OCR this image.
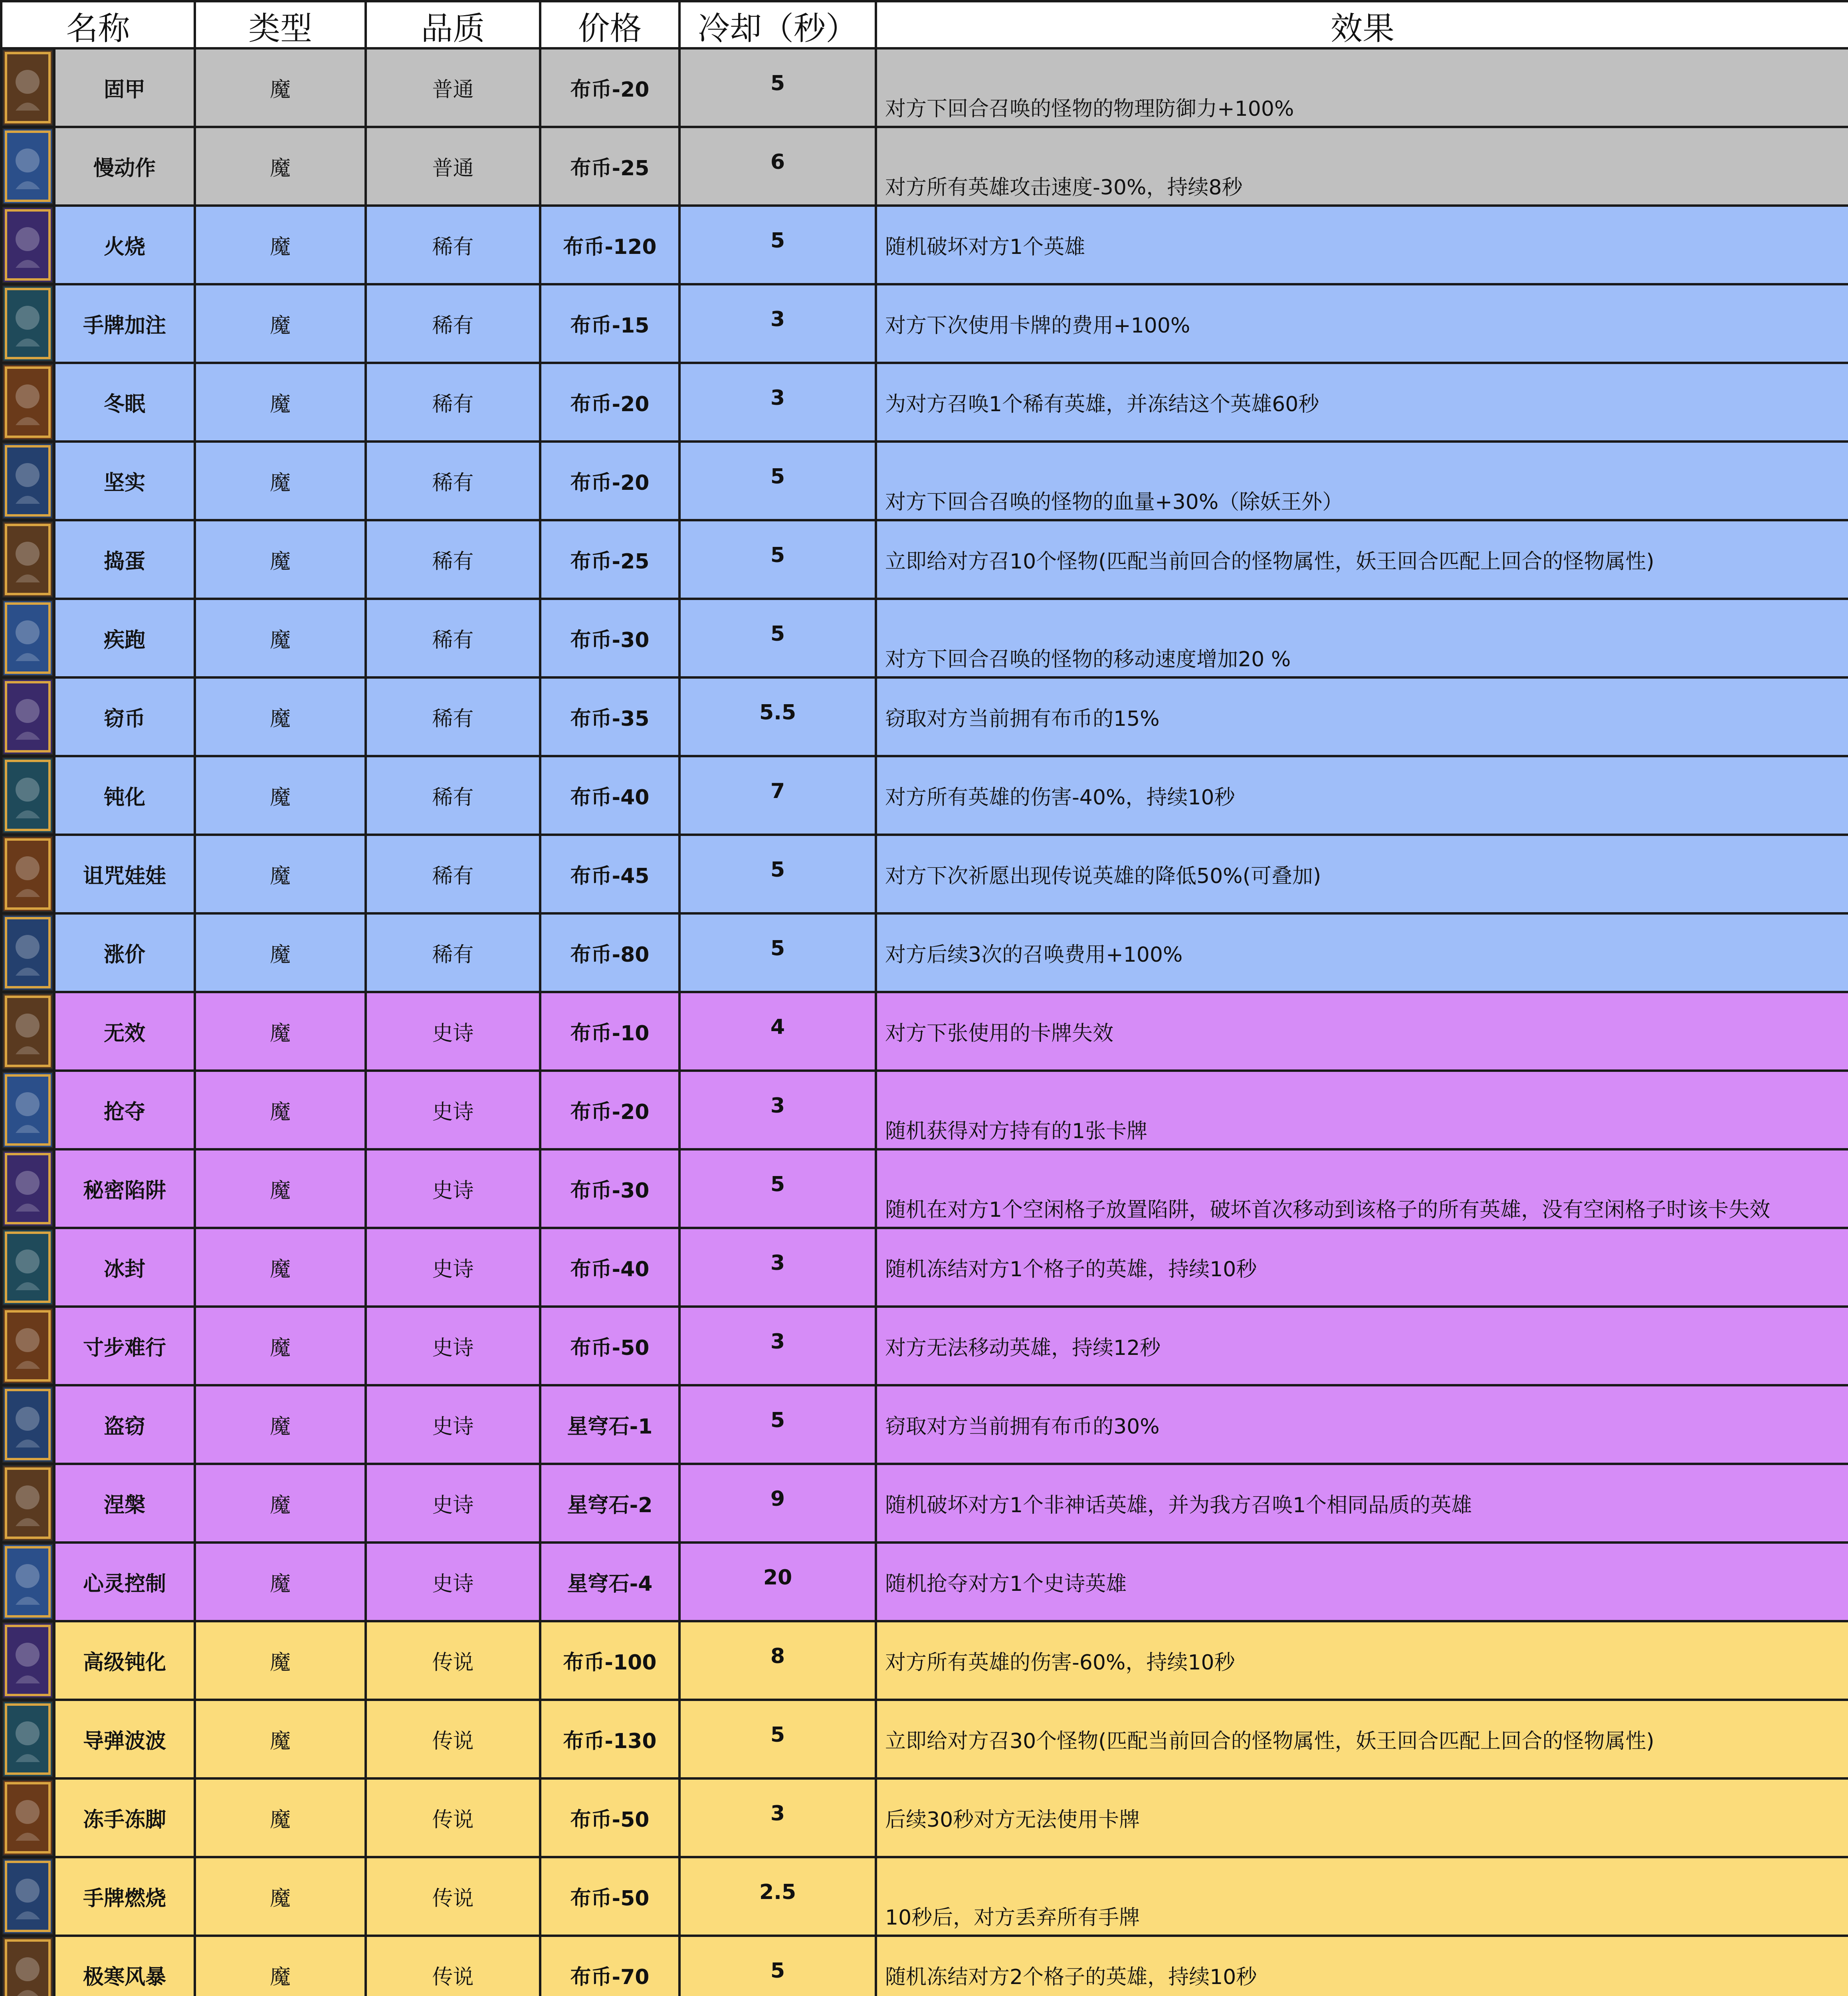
名称		类型	品质	价格	冷却（秒）	效果

	固甲	魔	普通	布币-20	5	对方下回合召唤的怪物的物理防御力+100%

	慢动作	魔	普通	布币-25	6	对方所有英雄攻击速度-30%，持续8秒

	火烧	魔	稀有	布币-120	5	随机破坏对方1个英雄

	手牌加注	魔	稀有	布币-15	3	对方下次使用卡牌的费用+100%

	冬眠	魔	稀有	布币-20	3	为对方召唤1个稀有英雄，并冻结这个英雄60秒

	坚实	魔	稀有	布币-20	5	对方下回合召唤的怪物的血量+30%（除妖王外）

	捣蛋	魔	稀有	布币-25	5	立即给对方召10个怪物(匹配当前回合的怪物属性，妖王回合匹配上回合的怪物属性)

	疾跑	魔	稀有	布币-30	5	对方下回合召唤的怪物的移动速度增加20 %

	窃币	魔	稀有	布币-35	5.5	窃取对方当前拥有布币的15%

	钝化	魔	稀有	布币-40	7	对方所有英雄的伤害-40%，持续10秒

	诅咒娃娃	魔	稀有	布币-45	5	对方下次祈愿出现传说英雄的降低50%(可叠加)

	涨价	魔	稀有	布币-80	5	对方后续3次的召唤费用+100%

	无效	魔	史诗	布币-10	4	对方下张使用的卡牌失效

	抢夺	魔	史诗	布币-20	3	随机获得对方持有的1张卡牌

	秘密陷阱	魔	史诗	布币-30	5	随机在对方1个空闲格子放置陷阱，破坏首次移动到该格子的所有英雄，没有空闲格子时该卡失效

	冰封	魔	史诗	布币-40	3	随机冻结对方1个格子的英雄，持续10秒

	寸步难行	魔	史诗	布币-50	3	对方无法移动英雄，持续12秒

	盗窃	魔	史诗	星穹石-1	5	窃取对方当前拥有布币的30%

	涅槃	魔	史诗	星穹石-2	9	随机破坏对方1个非神话英雄，并为我方召唤1个相同品质的英雄

	心灵控制	魔	史诗	星穹石-4	20	随机抢夺对方1个史诗英雄

	高级钝化	魔	传说	布币-100	8	对方所有英雄的伤害-60%，持续10秒

	导弹波波	魔	传说	布币-130	5	立即给对方召30个怪物(匹配当前回合的怪物属性，妖王回合匹配上回合的怪物属性)

	冻手冻脚	魔	传说	布币-50	3	后续30秒对方无法使用卡牌

	手牌燃烧	魔	传说	布币-50	2.5	10秒后，对方丢弃所有手牌

	极寒风暴	魔	传说	布币-70	5	随机冻结对方2个格子的英雄，持续10秒
